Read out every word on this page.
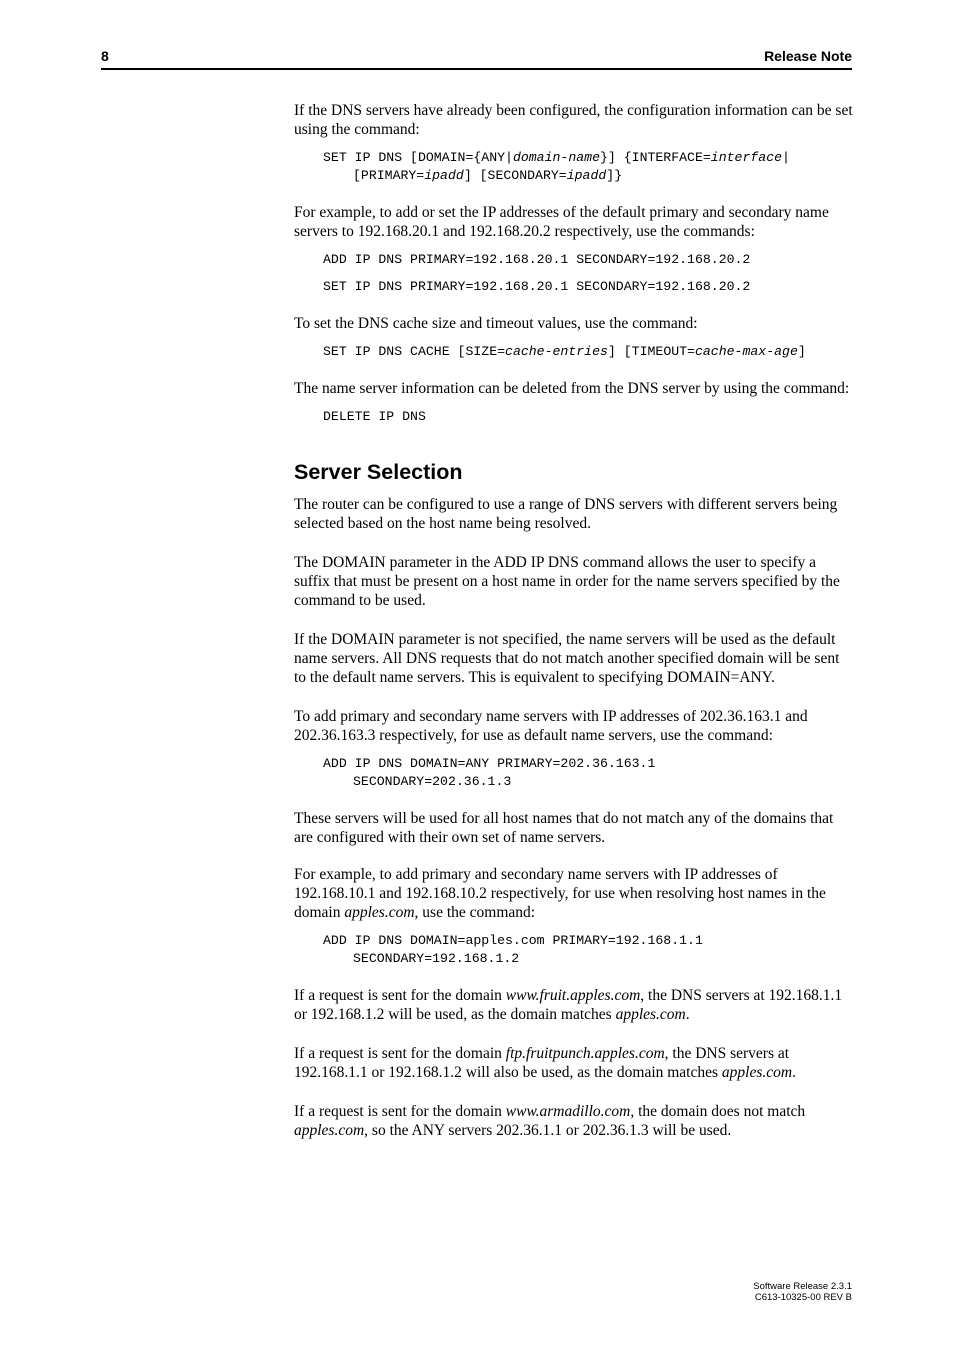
8	Release Note

If the DNS servers have already been configured, the configuration information can be set using the command:

SET IP DNS [DOMAIN={ANY|domain-name}] {INTERFACE=interface|
[PRIMARY=ipadd] [SECONDARY=ipadd]}

For example, to add or set the IP addresses of the default primary and secondary name servers to 192.168.20.1 and 192.168.20.2 respectively, use the commands:

ADD IP DNS PRIMARY=192.168.20.1 SECONDARY=192.168.20.2

SET IP DNS PRIMARY=192.168.20.1 SECONDARY=192.168.20.2

To set the DNS cache size and timeout values, use the command:

SET IP DNS CACHE [SIZE=cache-entries] [TIMEOUT=cache-max-age]

The name server information can be deleted from the DNS server by using the command:

DELETE IP DNS

Server Selection

The router can be configured to use a range of DNS servers with different servers being selected based on the host name being resolved.

The DOMAIN parameter in the ADD IP DNS command allows the user to specify a suffix that must be present on a host name in order for the name servers specified by the command to be used.

If the DOMAIN parameter is not specified, the name servers will be used as the default name servers. All DNS requests that do not match another specified domain will be sent to the default name servers. This is equivalent to specifying DOMAIN=ANY.

To add primary and secondary name servers with IP addresses of 202.36.163.1 and 202.36.163.3 respectively, for use as default name servers, use the command:

ADD IP DNS DOMAIN=ANY PRIMARY=202.36.163.1
SECONDARY=202.36.1.3

These servers will be used for all host names that do not match any of the domains that are configured with their own set of name servers.

For example, to add primary and secondary name servers with IP addresses of 192.168.10.1 and 192.168.10.2 respectively, for use when resolving host names in the domain apples.com, use the command:

ADD IP DNS DOMAIN=apples.com PRIMARY=192.168.1.1
SECONDARY=192.168.1.2

If a request is sent for the domain www.fruit.apples.com, the DNS servers at 192.168.1.1 or 192.168.1.2 will be used, as the domain matches apples.com.

If a request is sent for the domain ftp.fruitpunch.apples.com, the DNS servers at 192.168.1.1 or 192.168.1.2 will also be used, as the domain matches apples.com.

If a request is sent for the domain www.armadillo.com, the domain does not match apples.com, so the ANY servers 202.36.1.1 or 202.36.1.3 will be used.

Software Release 2.3.1
C613-10325-00 REV B
